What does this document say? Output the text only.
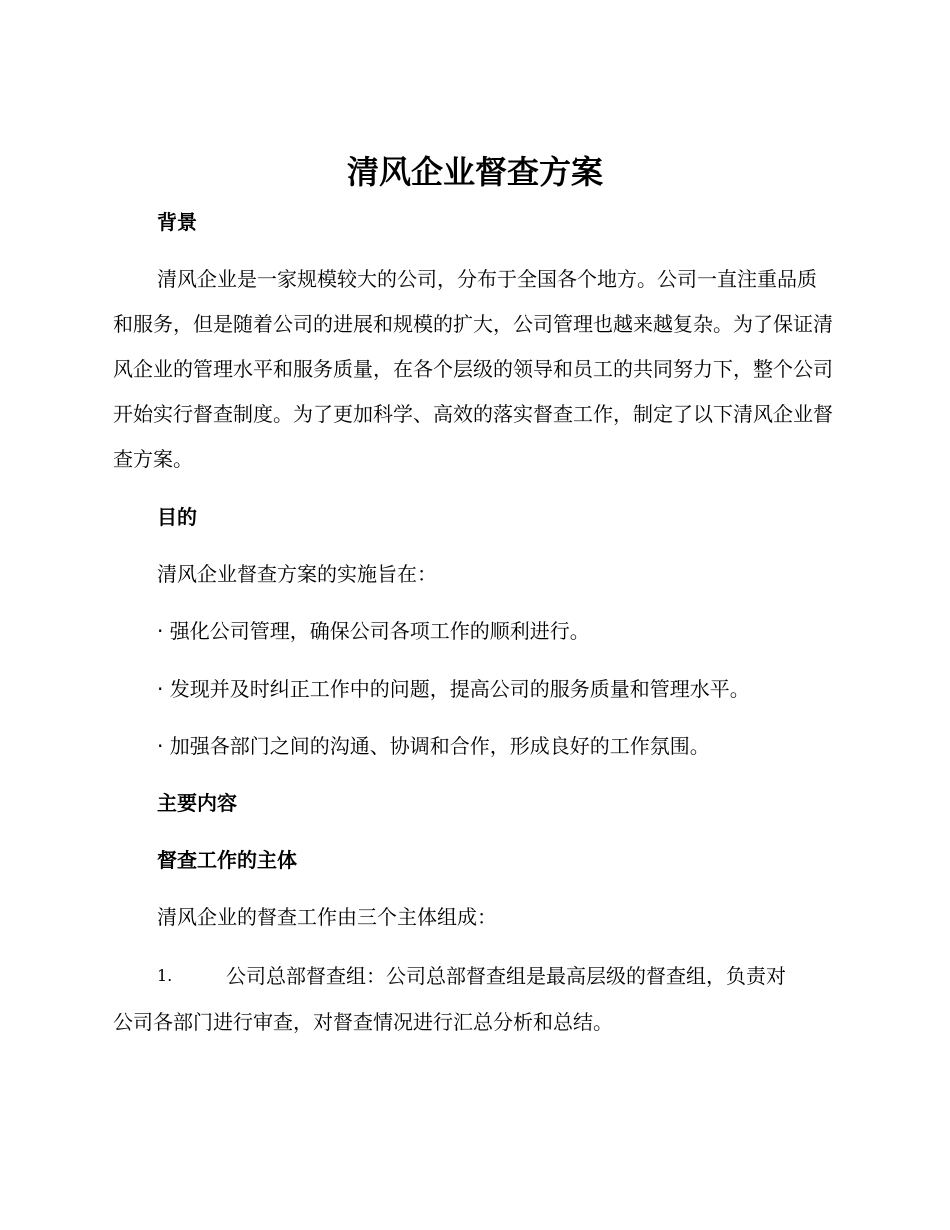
清风企业督查方案
背景

清风企业是一家规模较大的公司，分布于全国各个地方。公司一直注重品质和服务，但是随着公司的进展和规模的扩大，公司管理也越来越复杂。为了保证清风企业的管理水平和服务质量，在各个层级的领导和员工的共同努力下，整个公司开始实行督查制度。为了更加科学、高效的落实督查工作，制定了以下清风企业督查方案。

目的
清风企业督查方案的实施旨在：
· 强化公司管理，确保公司各项工作的顺利进行。
· 发现并及时纠正工作中的问题，提高公司的服务质量和管理水平。
· 加强各部门之间的沟通、协调和合作，形成良好的工作氛围。
主要内容
督查工作的主体
清风企业的督查工作由三个主体组成：
1.	公司总部督查组：公司总部督查组是最高层级的督查组，负责对
公司各部门进行审查，对督查情况进行汇总分析和总结。
